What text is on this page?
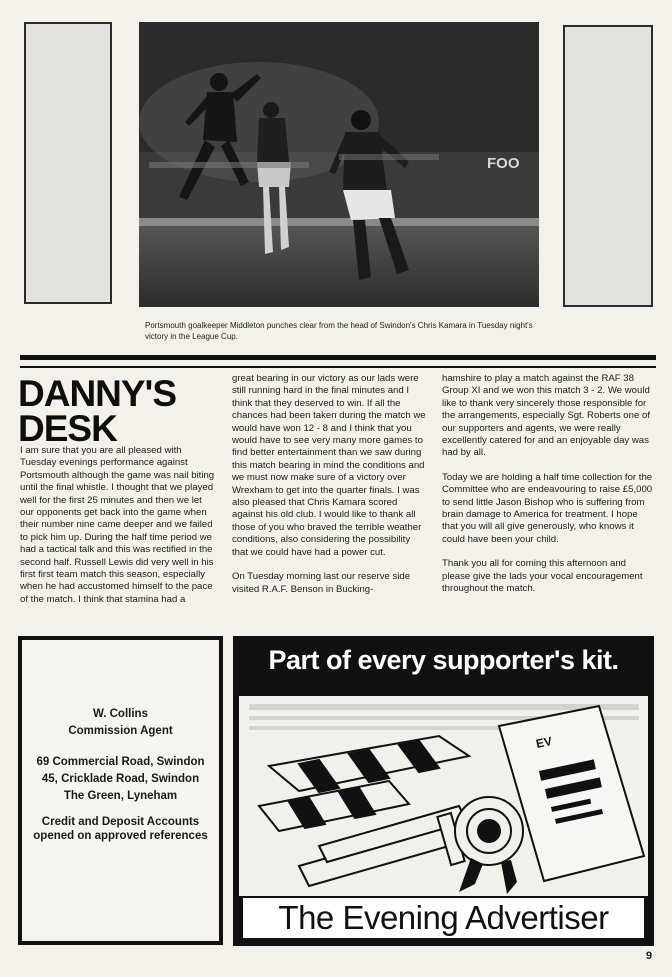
FOO
Portsmouth goalkeeper Middleton punches clear from the head of Swindon's Chris Kamara in Tuesday night's victory in the League Cup.
DANNY'S
DESK

I am sure that you are all pleased with Tuesday evenings performance against Portsmouth although the game was nail biting until the final whistle. I thought that we played well for the first 25 minutes and then we let our opponents get back into the game when their number nine came deeper and we failed to pick him up. During the half time period we had a tactical talk and this was rectified in the second half. Russell Lewis did very well in his first first team match this season, especially when he had accustomed himself to the pace of the match. I think that stamina had a

great bearing in our victory as our lads were still running hard in the final minutes and I think that they deserved to win. If all the chances had been taken during the match we would have won 12 - 8 and I think that you would have to see very many more games to find better entertainment than we saw during this match bearing in mind the conditions and we must now make sure of a victory over Wrexham to get into the quarter finals. I was also pleased that Chris Kamara scored against his old club. I would like to thank all those of you who braved the terrible weather conditions, also considering the possibility that we could have had a power cut.

On Tuesday morning last our reserve side visited R.A.F. Benson in Bucking-

hamshire to play a match against the RAF 38 Group XI and we won this match 3 - 2. We would like to thank very sincerely those responsible for the arrangements, especially Sgt. Roberts one of our supporters and agents, we were really excellently catered for and an enjoyable day was had by all.

Today we are holding a half time collection for the Committee who are endeavouring to raise £5,000 to send little Jason Bishop who is suffering from brain damage to America for treatment. I hope that you will all give generously, who knows it could have been your child.

Thank you all for coming this afternoon and please give the lads your vocal encouragement throughout the match.

W. Collins
Commission Agent
69 Commercial Road, Swindon
45, Cricklade Road, Swindon
The Green, Lyneham
Credit and Deposit Accounts
opened on approved references
Part of every supporter's kit.
EV
The Evening Advertiser
9
